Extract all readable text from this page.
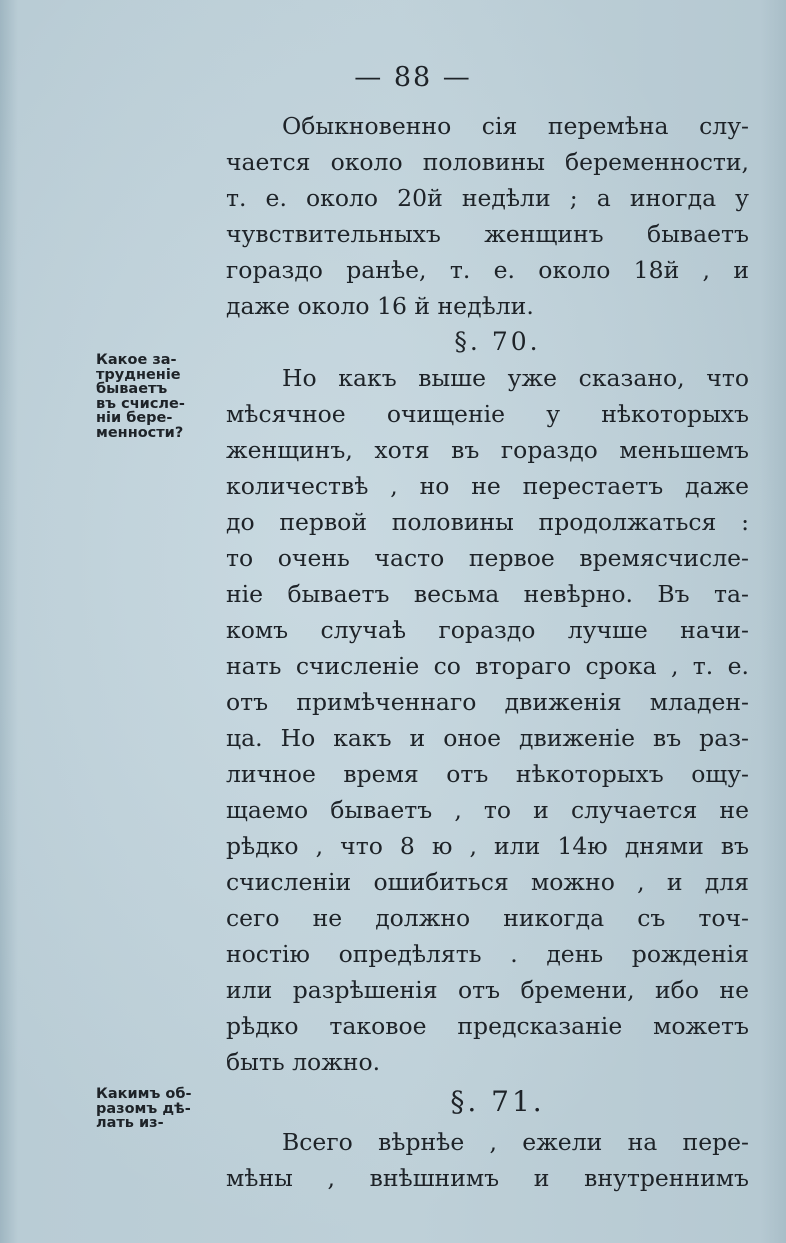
— 88 —
Обыкновенно сія перемѣна слу-
чается около половины беременности,
т. е. около 20й недѣли ; а иногда у
чувствительныхъ женщинъ бываетъ
гораздо ранѣе, т. е. около 18й , и
даже около 16 й недѣли.
§. 70.
Но какъ выше уже сказано, что
мѣсячное очищеніе у нѣкоторыхъ
женщинъ, хотя въ гораздо меньшемъ
количествѣ , но не перестаетъ даже
до первой половины продолжаться :
то очень часто первое времясчисле-
ніе бываетъ весьма невѣрно. Въ та-
комъ случаѣ гораздо лучше начи-
нать счисленіе со втораго срока , т. е.
отъ примѣченнаго движенія младен-
ца. Но какъ и оное движеніе въ раз-
личное время отъ нѣкоторыхъ ощу-
щаемо бываетъ , то и случается не
рѣдко , что 8 ю , или 14ю днями въ
счисленіи ошибиться можно , и для
сего не должно никогда съ точ-
ностію опредѣлять . день рожденія
или разрѣшенія отъ бремени, ибо не
рѣдко таковое предсказаніе можетъ
быть ложно.
§. 71.
Всего вѣрнѣе , ежели на пере-
мѣны , внѣшнимъ и внутреннимъ
Какое за-
трудненіе
бываетъ
въ счисле-
ніи бере-
менности?
Какимъ об-
разомъ дѣ-
лать из-
